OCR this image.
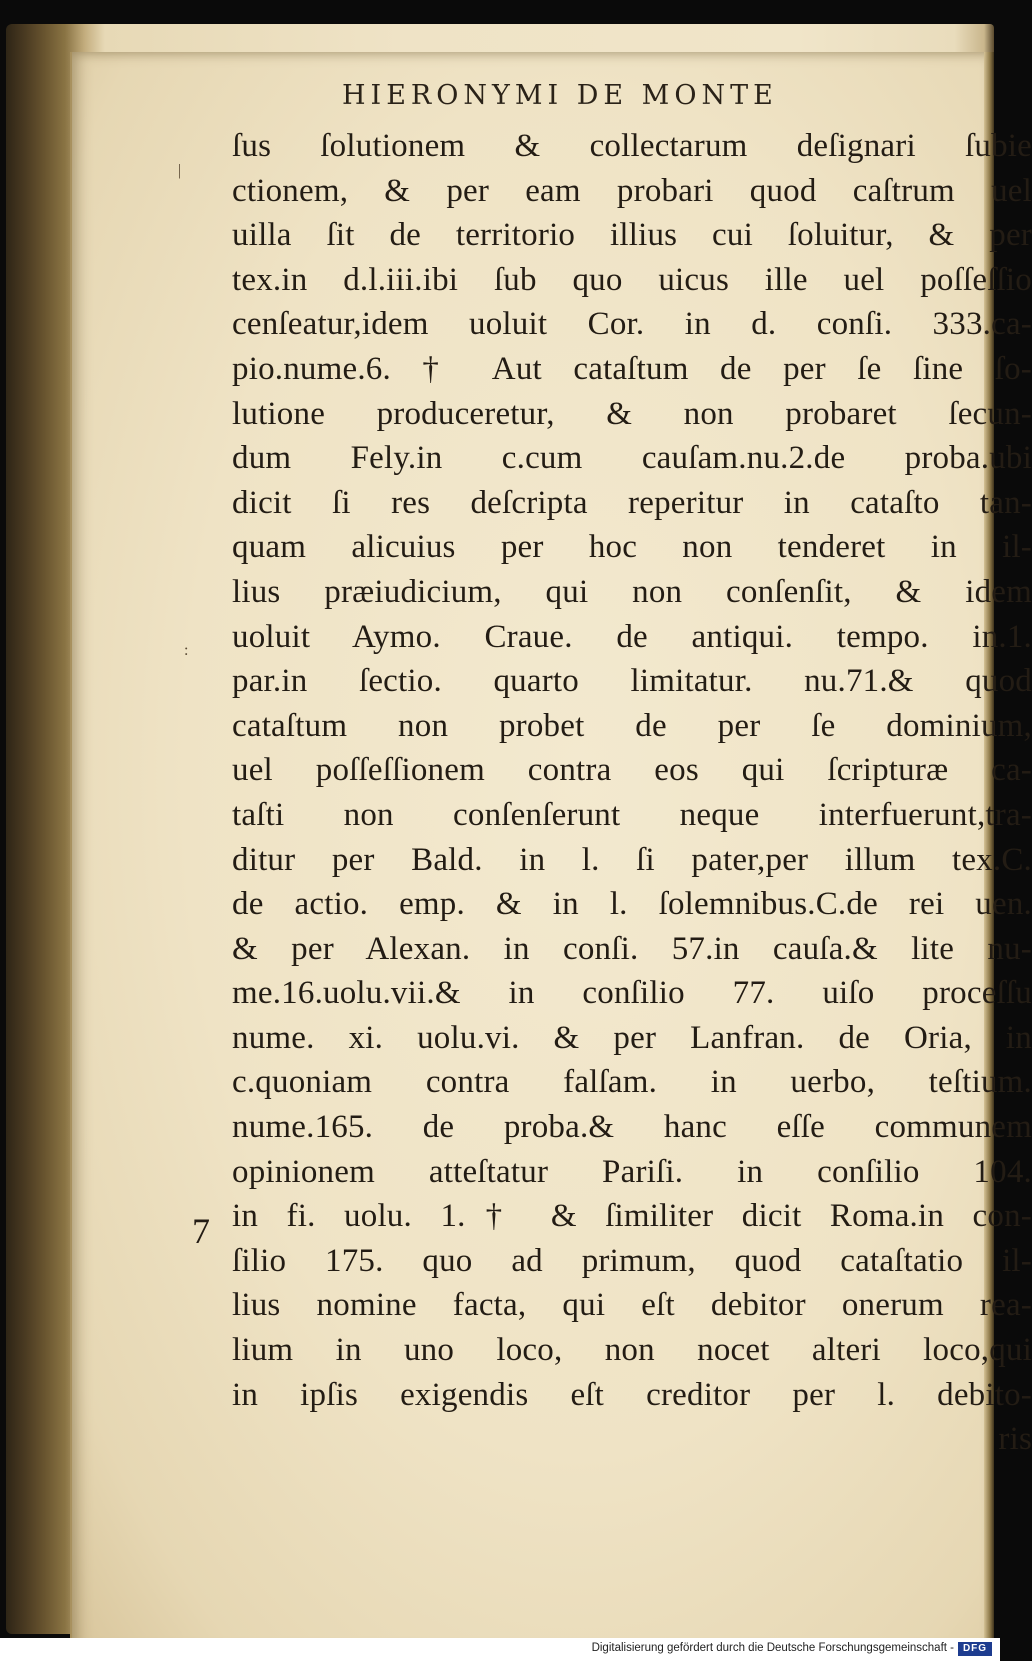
HIERONYMI DE MONTE
ſus ſolutionem & collectarum deſignari ſubie
ctionem, & per eam probari quod caſtrum uel
uilla ſit de territorio illius cui ſoluitur, & per
tex.in d.l.iii.ibi ſub quo uicus ille uel poſſeſſio
cenſeatur,idem uoluit Cor. in d. conſi. 333.ca-
pio.nume.6. † Aut cataſtum de per ſe ſine ſo-
lutione produceretur, & non probaret ſecun-
dum Fely.in c.cum cauſam.nu.2.de proba.ubi
dicit ſi res deſcripta reperitur in cataſto tan-
quam alicuius per hoc non tenderet in il-
lius præiudicium, qui non conſenſit, & idem
uoluit Aymo. Craue. de antiqui. tempo. in.1.
par.in ſectio. quarto limitatur. nu.71.& quod
cataſtum non probet de per ſe dominium,
uel poſſeſſionem contra eos qui ſcripturæ ca-
taſti non conſenſerunt neque interfuerunt,tra-
ditur per Bald. in l. ſi pater,per illum tex.C.
de actio. emp. & in l. ſolemnibus.C.de rei uen.
& per Alexan. in conſi. 57.in cauſa.& lite nu-
me.16.uolu.vii.& in conſilio 77. uiſo proceſſu
nume. xi. uolu.vi. & per Lanfran. de Oria, in
c.quoniam contra falſam. in uerbo, teſtium.
nume.165. de proba.& hanc eſſe communem
opinionem atteſtatur Pariſi. in conſilio 104.
in fi. uolu. 1.† & ſimiliter dicit Roma.in con-
ſilio 175. quo ad primum, quod cataſtatio il-
lius nomine facta, qui eſt debitor onerum rea-
lium in uno loco, non nocet alteri loco,qui
in ipſis exigendis eſt creditor per l. debito-
ris
7
|
:
Digitalisierung gefördert durch die Deutsche Forschungsgemeinschaft - DFG
